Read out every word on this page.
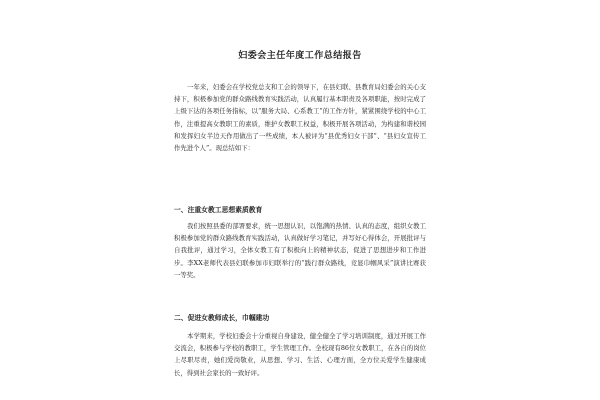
妇委会主任年度工作总结报告
一年来，妇委会在学校党总支和工会的领导下，在县妇联、县教育局妇委会的关心支持下，积极参加党的群众路线教育实践活动，认真履行基本职责及各项职能，按时完成了上级下达的各项任务指标，以“服务大局、心系教工”的工作方针，紧紧围绕学校的中心工作，注重提高女教职工的素质，维护女教职工权益，积极开展各项活动，为构建和谐校园和发挥妇女半边天作用做出了一些成绩，本人被评为“县优秀妇女干部”、“县妇女宣传工作先进个人”。现总结如下：
一、注重女教工思想素质教育
我们按照县委的部署要求，统一思想认识，以饱满的热情、认真的态度，组织女教工积极参加党的群众路线教育实践活动，认真做好学习笔记，并写好心得体会，开展批评与自我批评，通过学习，全体女教工有了积极向上的精神状态，促进了思想进步和工作进步。李XX老师代表县妇联参加市妇联举行的“践行群众路线，竞显巾帼风采”演讲比赛获一等奖。
二、促进女教师成长，巾帼建功
本学期来，学校妇委会十分重视自身建设，健全健全了学习培训制度，通过开展工作交流会，积极参与学校的教职工，学生管理工作。全校现有86位女教职工，在各自的岗位上尽职尽责，她们爱岗敬业，从思想、学习、生活、心理方面，全方位关爱学生健康成长，得到社会家长的一致好评。
